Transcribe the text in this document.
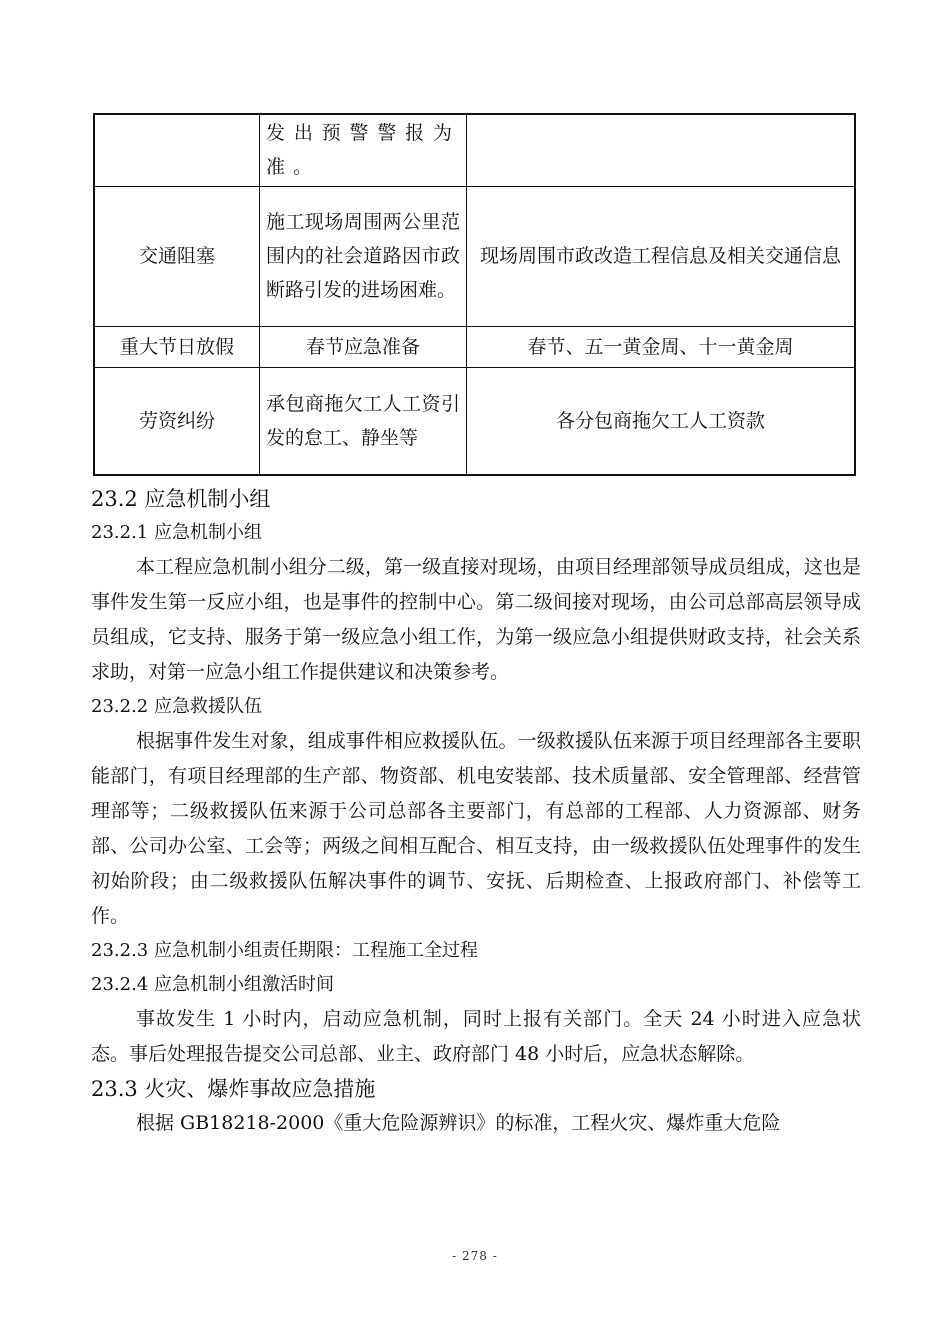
	发出预警警报为准。	
交通阻塞	施工现场周围两公里范围内的社会道路因市政断路引发的进场困难。	现场周围市政改造工程信息及相关交通信息
重大节日放假	春节应急准备	春节、五一黄金周、十一黄金周
劳资纠纷	承包商拖欠工人工资引发的怠工、静坐等	各分包商拖欠工人工资款
23.2 应急机制小组
23.2.1 应急机制小组

本工程应急机制小组分二级，第一级直接对现场，由项目经理部领导成员组成，这也是事件发生第一反应小组，也是事件的控制中心。第二级间接对现场，由公司总部高层领导成员组成，它支持、服务于第一级应急小组工作，为第一级应急小组提供财政支持，社会关系求助，对第一应急小组工作提供建议和决策参考。

23.2.2 应急救援队伍

根据事件发生对象，组成事件相应救援队伍。一级救援队伍来源于项目经理部各主要职能部门，有项目经理部的生产部、物资部、机电安装部、技术质量部、安全管理部、经营管理部等；二级救援队伍来源于公司总部各主要部门，有总部的工程部、人力资源部、财务部、公司办公室、工会等；两级之间相互配合、相互支持，由一级救援队伍处理事件的发生初始阶段；由二级救援队伍解决事件的调节、安抚、后期检查、上报政府部门、补偿等工作。

23.2.3 应急机制小组责任期限：工程施工全过程
23.2.4 应急机制小组激活时间

事故发生 1 小时内，启动应急机制，同时上报有关部门。全天 24 小时进入应急状态。事后处理报告提交公司总部、业主、政府部门 48 小时后，应急状态解除。

23.3 火灾、爆炸事故应急措施

根据 GB18218-2000《重大危险源辨识》的标准，工程火灾、爆炸重大危险

- 278 -
